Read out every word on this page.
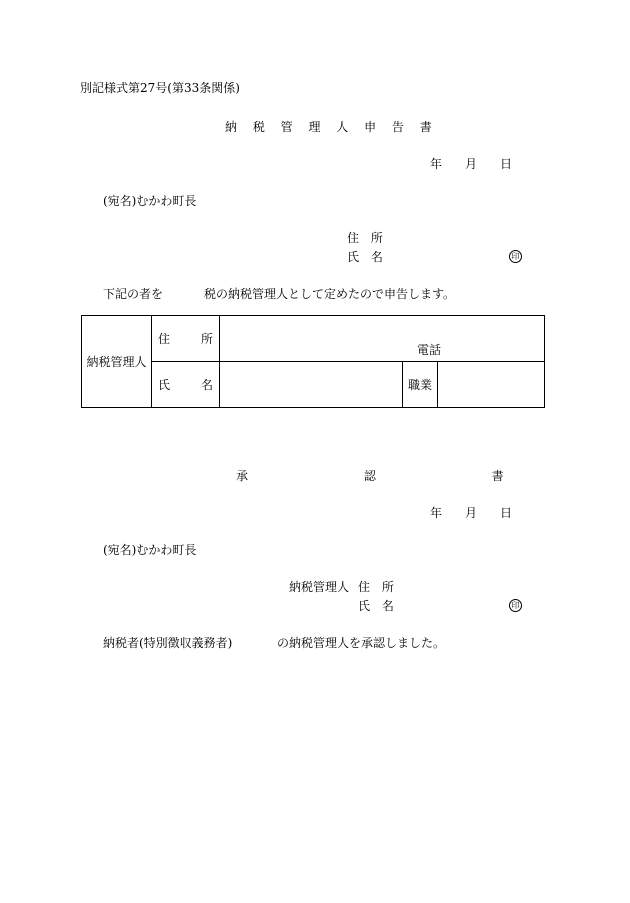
別記様式第27号(第33条関係)
納 税 管 理 人 申 告 書
年 月 日
(宛名)むかわ町長
住 所
氏 名	印
下記の者を	税の納税管理人として定めたので申告します。
納税管理人	住 所	電話		

	氏 名		職業	
承 認 書
年 月 日
(宛名)むかわ町長
納税管理人 住 所
氏 名	印
納税者(特別徴収義務者)	の納税管理人を承認しました。
